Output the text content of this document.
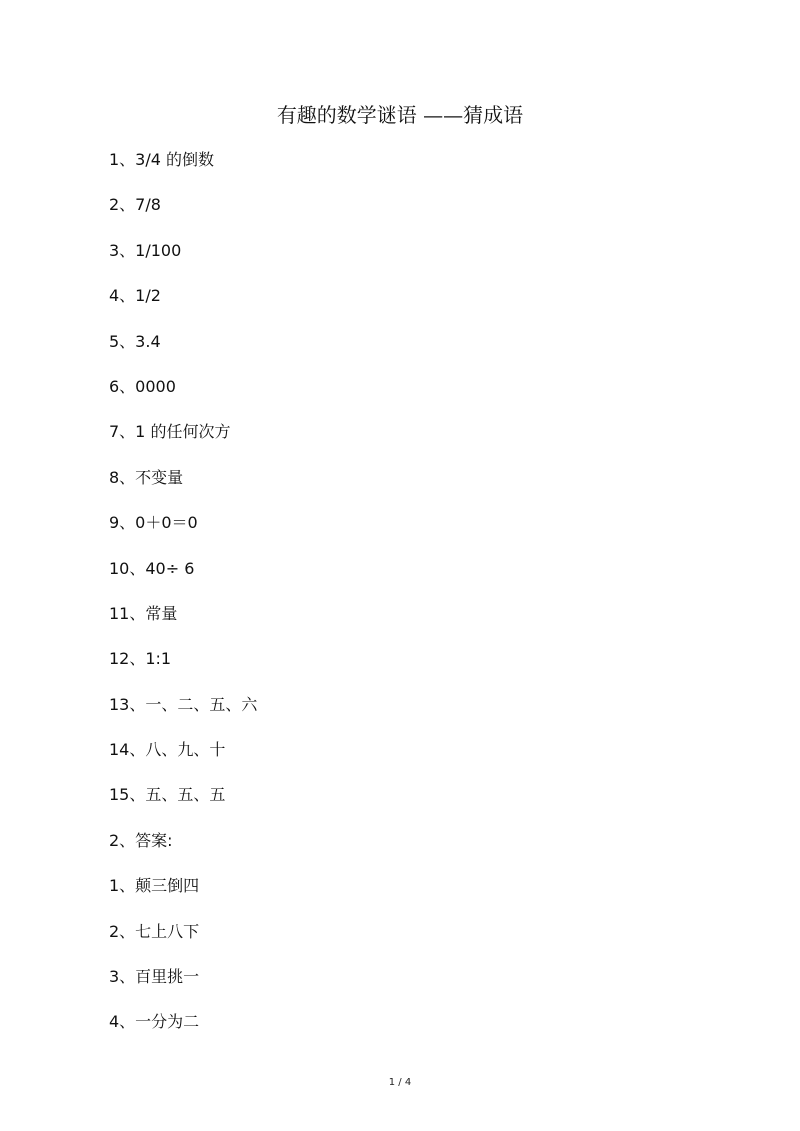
有趣的数学谜语 ——猜成语
1、3/4 的倒数
2、7/8
3、1/100
4、1/2
5、3.4
6、0000
7、1 的任何次方
8、不变量
9、0＋0＝0
10、40÷ 6
11、常量
12、1:1
13、一、二、五、六
14、八、九、十
15、五、五、五
2、答案:
1、颠三倒四
2、七上八下
3、百里挑一
4、一分为二
1 / 4
